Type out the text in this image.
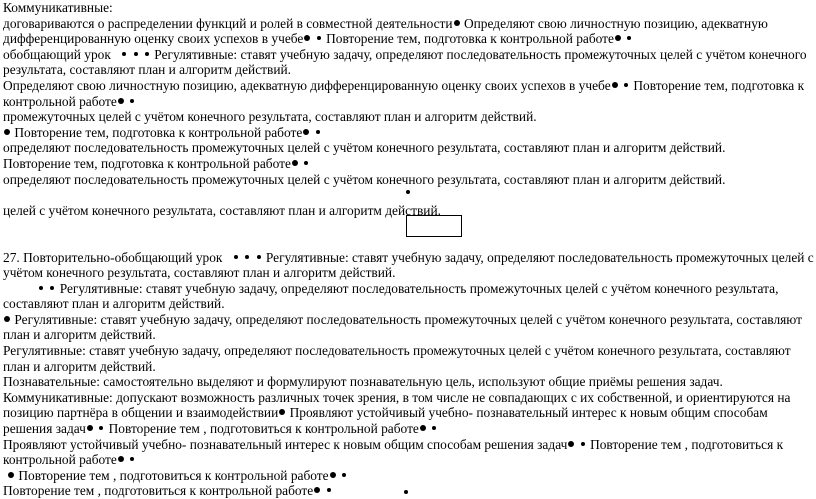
Коммуникативные:
договариваются о распределении функций и ролей в совместной деятельности Определяют свою личностную позицию, адекватную
дифференцированную оценку своих успехов в учебе Повторение тем, подготовка к контрольной работе
обобщающий урок	Регулятивные: ставят учебную задачу, определяют последовательность промежуточных целей с учётом конечного
результата, составляют план и алгоритм действий.
Определяют свою личностную позицию, адекватную дифференцированную оценку своих успехов в учебе Повторение тем, подготовка к
контрольной работе
промежуточных целей с учётом конечного результата, составляют план и алгоритм действий.
Повторение тем, подготовка к контрольной работе
определяют последовательность промежуточных целей с учётом конечного результата, составляют план и алгоритм действий.
Повторение тем, подготовка к контрольной работе
определяют последовательность промежуточных целей с учётом конечного результата, составляют план и алгоритм действий.
целей с учётом конечного результата, составляют план и алгоритм действий.
27. Повторительно-обобщающий урок	Регулятивные: ставят учебную задачу, определяют последовательность промежуточных целей с
учётом конечного результата, составляют план и алгоритм действий.
Регулятивные: ставят учебную задачу, определяют последовательность промежуточных целей с учётом конечного результата,
составляют план и алгоритм действий.
Регулятивные: ставят учебную задачу, определяют последовательность промежуточных целей с учётом конечного результата, составляют
план и алгоритм действий.
Регулятивные: ставят учебную задачу, определяют последовательность промежуточных целей с учётом конечного результата, составляют
план и алгоритм действий.
Познавательные: самостоятельно выделяют и формулируют познавательную цель, используют общие приёмы решения задач.
Коммуникативные: допускают возможность различных точек зрения, в том числе не совпадающих с их собственной, и ориентируются на
позицию партнёра в общении и взаимодействии Проявляют устойчивый учебно- познавательный интерес к новым общим способам
решения задач Повторение тем , подготовиться к контрольной работе
Проявляют устойчивый учебно- познавательный интерес к новым общим способам решения задач Повторение тем , подготовиться к
контрольной работе
Повторение тем , подготовиться к контрольной работе
Повторение тем , подготовиться к контрольной работе
